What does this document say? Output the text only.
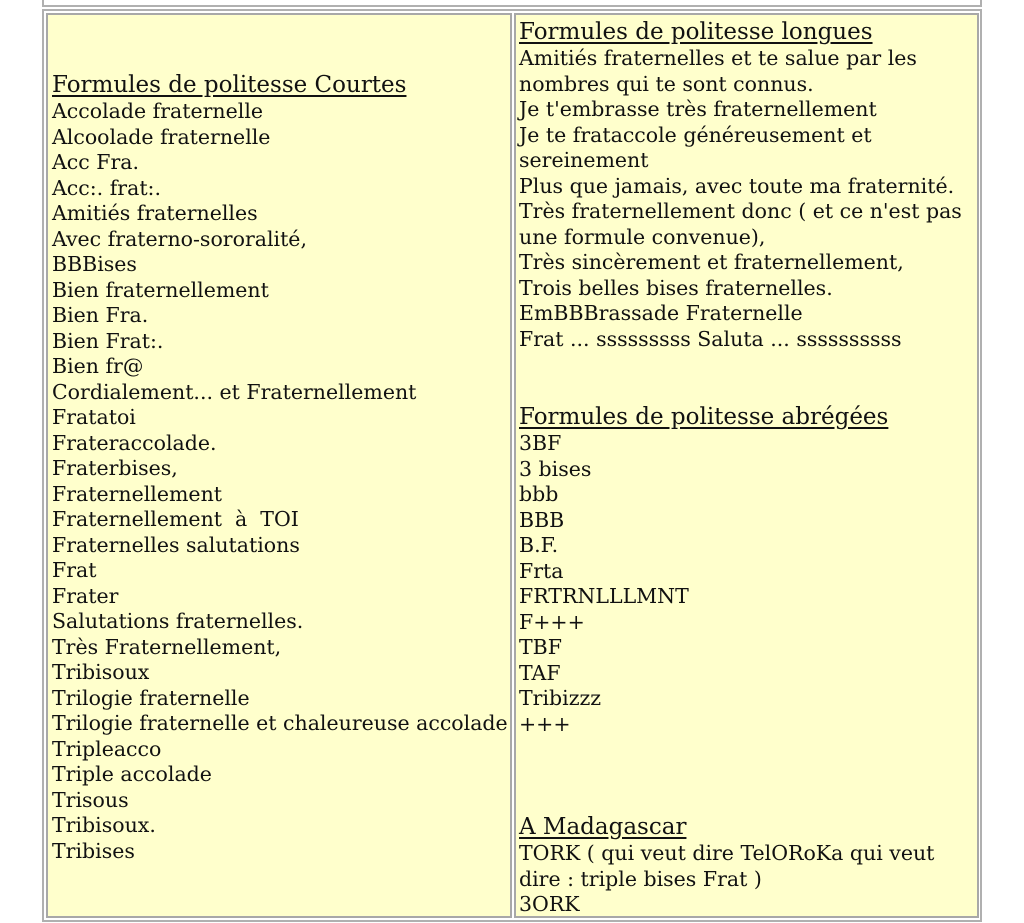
Formules de politesse Courtes
Accolade fraternelle
Alcoolade fraternelle
Acc Fra.
Acc:. frat:.
Amitiés fraternelles
Avec fraterno-sororalité,
BBBises
Bien fraternellement
Bien Fra.
Bien Frat:.
Bien fr@
Cordialement... et Fraternellement
Fratatoi
Frateraccolade.
Fraterbises,
Fraternellement
Fraternellement  à  TOI
Fraternelles salutations
Frat
Frater
Salutations fraternelles.
Très Fraternellement,
Tribisoux
Trilogie fraternelle
Trilogie fraternelle et chaleureuse accolade
Tripleacco
Triple accolade
Trisous
Tribisoux.
Tribises
Formules de politesse longues
Amitiés fraternelles et te salue par les nombres qui te sont connus.
Je t'embrasse très fraternellement
Je te frataccole généreusement et sereinement
Plus que jamais, avec toute ma fraternité.
Très fraternellement donc ( et ce n'est pas une formule convenue),
Très sincèrement et fraternellement,
Trois belles bises fraternelles.
EmBBBrassade Fraternelle
Frat ... sssssssss Saluta ... ssssssssss
Formules de politesse abrégées
3BF
3 bises
bbb
BBB
B.F.
Frta
FRTRNLLLMNT
F+++
TBF
TAF
Tribizzz
+++
A Madagascar
TORK ( qui veut dire TelORoKa qui veut dire : triple bises Frat )
3ORK
